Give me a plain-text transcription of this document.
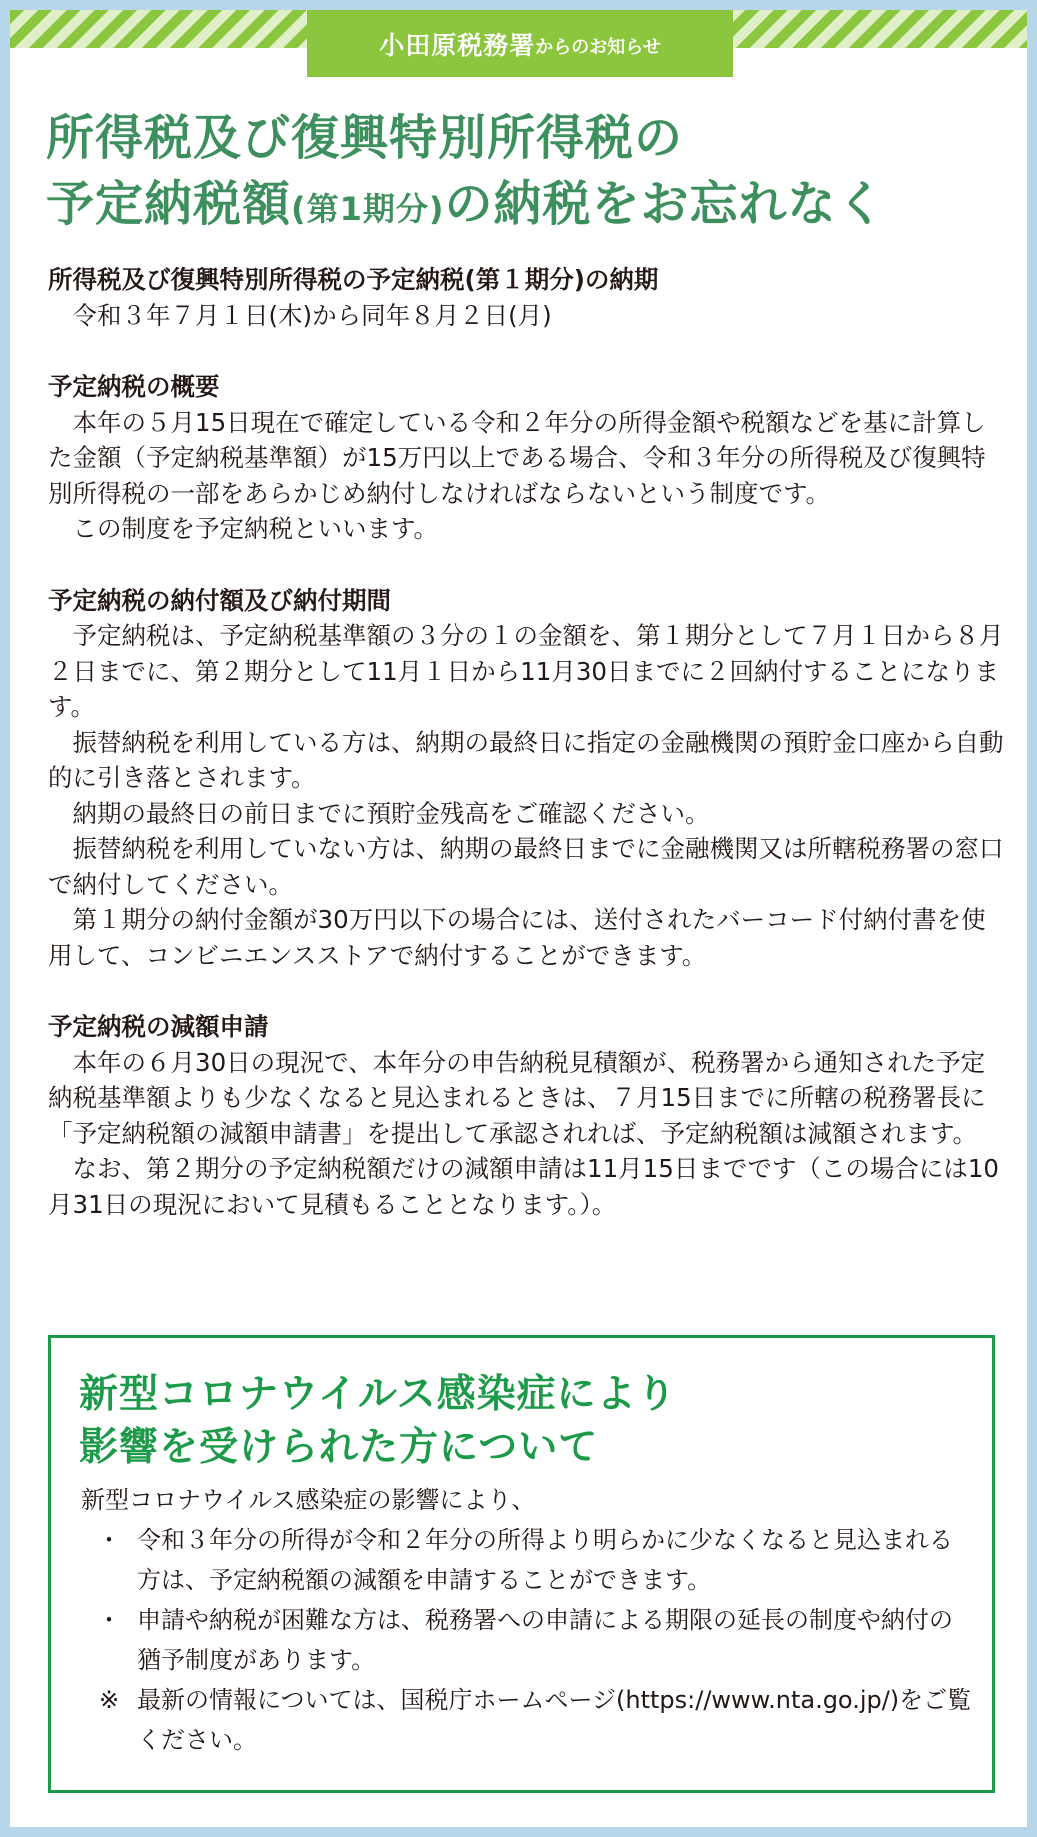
小田原税務署 からのお知らせ
所得税及び復興特別所得税の
予定納税額(第1期分)の納税をお忘れなく
所得税及び復興特別所得税の予定納税(第１期分)の納期

令和３年７月１日(木)から同年８月２日(月)

予定納税の概要

本年の５月15日現在で確定している令和２年分の所得金額や税額などを基に計算した金額（予定納税基準額）が15万円以上である場合、令和３年分の所得税及び復興特別所得税の一部をあらかじめ納付しなければならないという制度です。

この制度を予定納税といいます。

予定納税の納付額及び納付期間

予定納税は、予定納税基準額の３分の１の金額を、第１期分として７月１日から８月２日までに、第２期分として11月１日から11月30日までに２回納付することになります。

振替納税を利用している方は、納期の最終日に指定の金融機関の預貯金口座から自動的に引き落とされます。

納期の最終日の前日までに預貯金残高をご確認ください。

振替納税を利用していない方は、納期の最終日までに金融機関又は所轄税務署の窓口で納付してください。

第１期分の納付金額が30万円以下の場合には、送付されたバーコード付納付書を使用して、コンビニエンスストアで納付することができます。

予定納税の減額申請

本年の６月30日の現況で、本年分の申告納税見積額が、税務署から通知された予定納税基準額よりも少なくなると見込まれるときは、７月15日までに所轄の税務署長に「予定納税額の減額申請書」を提出して承認されれば、予定納税額は減額されます。

なお、第２期分の予定納税額だけの減額申請は11月15日までです（この場合には10月31日の現況において見積もることとなります。）。

新型コロナウイルス感染症により
影響を受けられた方について
新型コロナウイルス感染症の影響により、
・ 令和３年分の所得が令和２年分の所得より明らかに少なくなると見込まれる方は、予定納税額の減額を申請することができます。
・ 申請や納税が困難な方は、税務署への申請による期限の延長の制度や納付の猶予制度があります。
※ 最新の情報については、国税庁ホームページ(https://www.nta.go.jp/)をご覧ください。
